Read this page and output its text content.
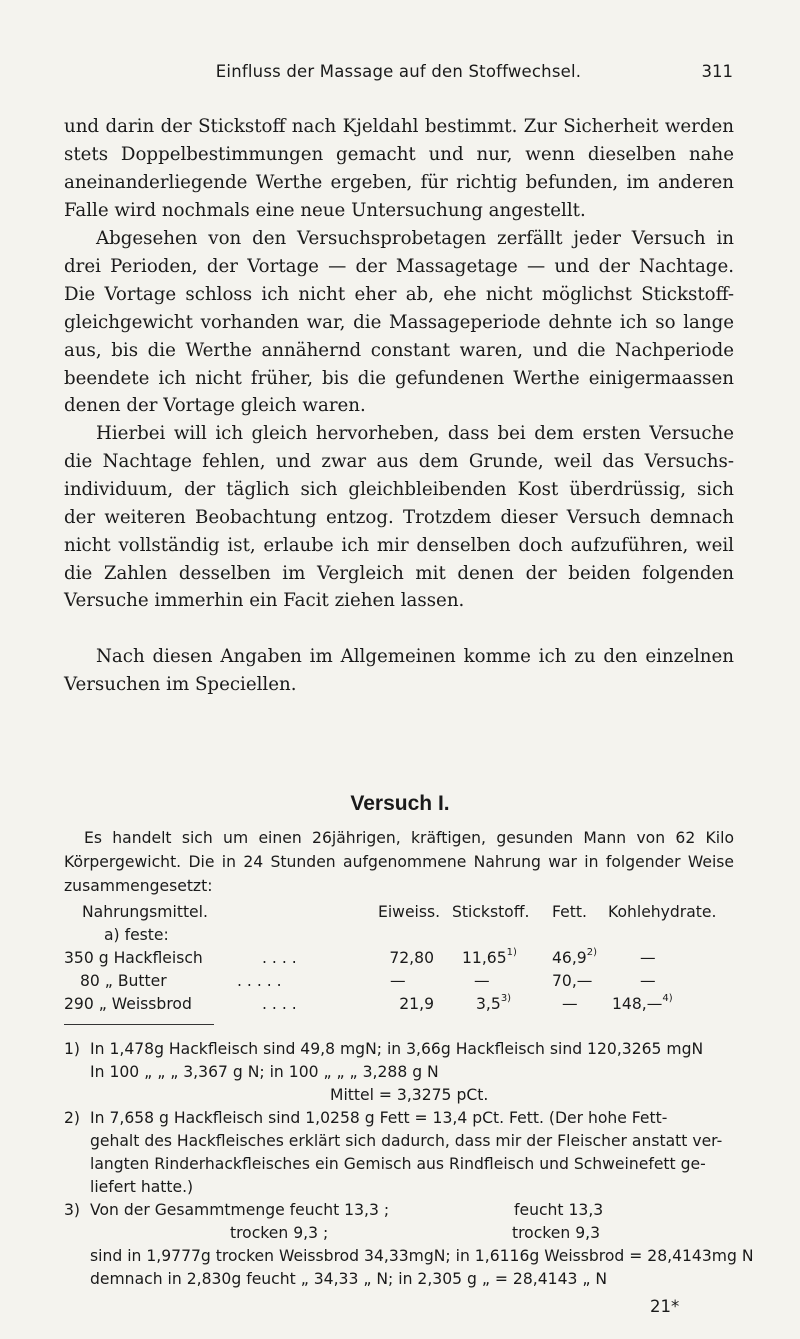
Einfluss der Massage auf den Stoffwechsel.	311

und darin der Stickstoff nach Kjeldahl bestimmt. Zur Sicherheit werden stets Doppelbestimmungen gemacht und nur, wenn dieselben nahe aneinanderliegende Werthe ergeben, für richtig befunden, im anderen Falle wird nochmals eine neue Untersuchung angestellt.

Abgesehen von den Versuchsprobetagen zerfällt jeder Versuch in drei Perioden, der Vortage — der Massagetage — und der Nachtage. Die Vortage schloss ich nicht eher ab, ehe nicht möglichst Stickstoff-gleichgewicht vorhanden war, die Massageperiode dehnte ich so lange aus, bis die Werthe annähernd constant waren, und die Nachperiode beendete ich nicht früher, bis die gefundenen Werthe einigermaassen denen der Vortage gleich waren.

Hierbei will ich gleich hervorheben, dass bei dem ersten Versuche die Nachtage fehlen, und zwar aus dem Grunde, weil das Versuchs-individuum, der täglich sich gleichbleibenden Kost überdrüssig, sich der weiteren Beobachtung entzog. Trotzdem dieser Versuch demnach nicht vollständig ist, erlaube ich mir denselben doch aufzuführen, weil die Zahlen desselben im Vergleich mit denen der beiden folgenden Versuche immerhin ein Facit ziehen lassen.

Nach diesen Angaben im Allgemeinen komme ich zu den einzelnen Versuchen im Speciellen.

Versuch I.

Es handelt sich um einen 26jährigen, kräftigen, gesunden Mann von 62 Kilo Körpergewicht. Die in 24 Stunden aufgenommene Nahrung war in folgender Weise zusammengesetzt:

Nahrungsmittel.	Eiweiss. Stickstoff. Fett. Kohlehydrate.
a) feste:
350 g Hackfleisch	. . . .	72,80 11,65$^{1)}$ 46,9$^{2)}$	—
80 „ Butter	. . . . .	—	—	70,—	—
290 „ Weissbrod	. . . .	21,9	3,5$^{3)}$	— 148,—$^{4)}$
1) In 1,478g Hackfleisch sind 49,8 mgN; in 3,66g Hackfleisch sind 120,3265 mgN
In 100 „ „ „ 3,367 g N; in 100 „ „ „ 3,288 g N
Mittel = 3,3275 pCt.
2) In 7,658 g Hackfleisch sind 1,0258 g Fett = 13,4 pCt. Fett. (Der hohe Fett-
gehalt des Hackfleisches erklärt sich dadurch, dass mir der Fleischer anstatt ver-
langten Rinderhackfleisches ein Gemisch aus Rindfleisch und Schweinefett ge-
liefert hatte.)
3) Von der Gesammtmenge feucht 13,3 ;	feucht 13,3
trocken 9,3 ;	trocken 9,3
sind in 1,9777g trocken Weissbrod 34,33mgN; in 1,6116g Weissbrod = 28,4143mg N
demnach in 2,830g feucht „ 34,33 „ N; in 2,305 g „ = 28,4143 „ N
21*
